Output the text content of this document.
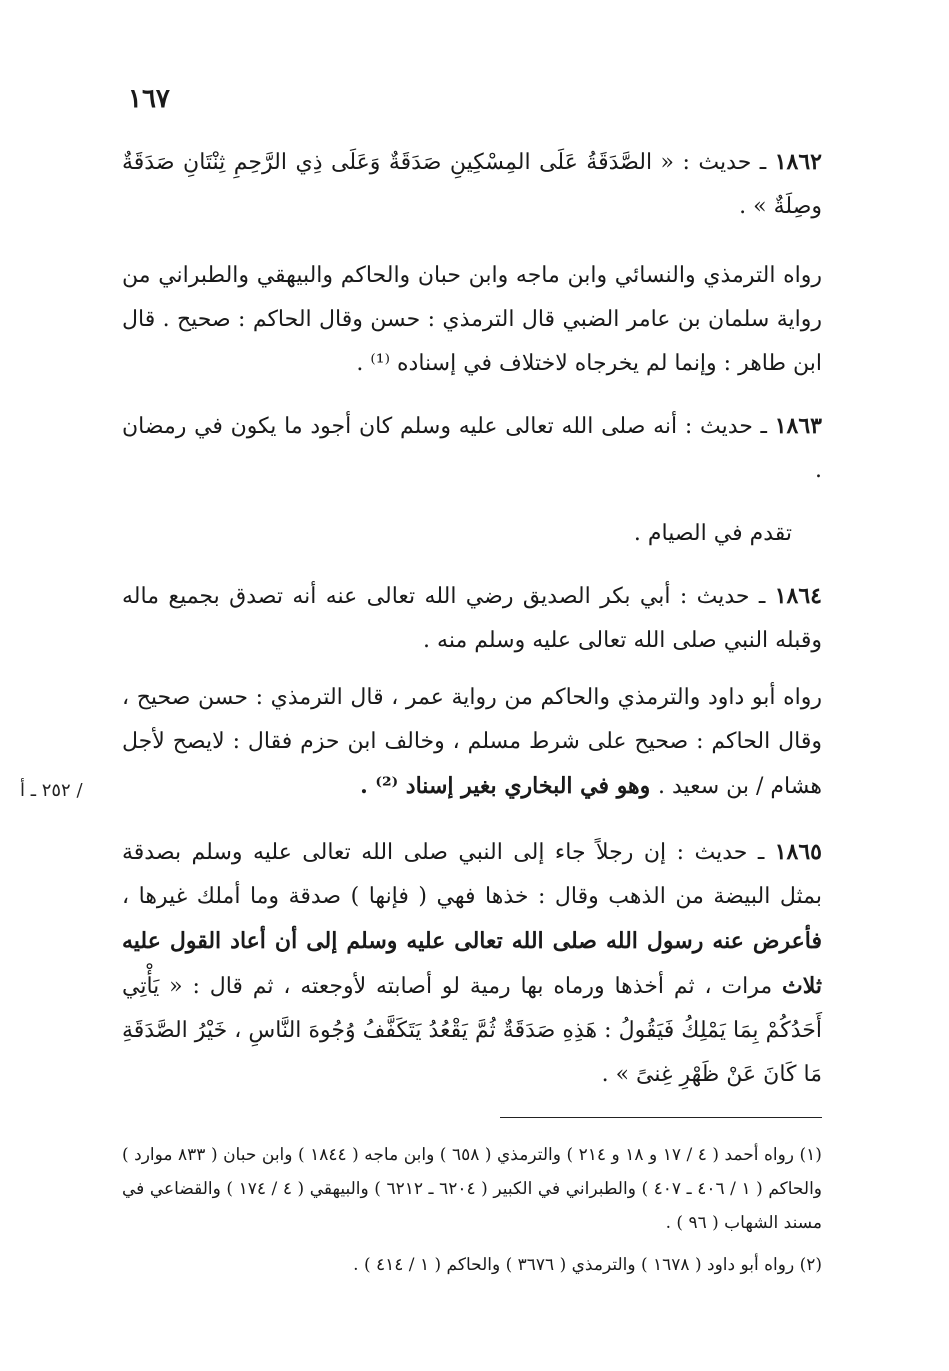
١٦٧

١٨٦٢ ـ حديث : « الصَّدَقَةُ عَلَى المِسْكِينِ صَدَقَةٌ وَعَلَى ذِي الرَّحِمِ ثِنْتَانِ صَدَقَةٌ وصِلَةٌ » .

رواه الترمذي والنسائي وابن ماجه وابن حبان والحاكم والبيهقي والطبراني من رواية سلمان بن عامر الضبي قال الترمذي : حسن وقال الحاكم : صحيح . قال ابن طاهر : وإنما لم يخرجاه لاختلاف في إسناده ⁽¹⁾ .

١٨٦٣ ـ حديث : أنه صلى الله تعالى عليه وسلم كان أجود ما يكون في رمضان .

تقدم في الصيام .

١٨٦٤ ـ حديث : أبي بكر الصديق رضي الله تعالى عنه أنه تصدق بجميع ماله وقبله النبي صلى الله تعالى عليه وسلم منه .

رواه أبو داود والترمذي والحاكم من رواية عمر ، قال الترمذي : حسن صحيح ، وقال الحاكم : صحيح على شرط مسلم ، وخالف ابن حزم فقال : لايصح لأجل هشام / بن سعيد . وهو في البخاري بغير إسناد ⁽²⁾ .

/ ٢٥٢ ـ أ

١٨٦٥ ـ حديث : إن رجلاً جاء إلى النبي صلى الله تعالى عليه وسلم بصدقة بمثل البيضة من الذهب وقال : خذها فهي ( فإنها ) صدقة وما أملك غيرها ، فأعرض عنه رسول الله صلى الله تعالى عليه وسلم إلى أن أعاد القول عليه ثلاث مرات ، ثم أخذها ورماه بها رمية لو أصابته لأوجعته ، ثم قال : « يَأْتِي أَحَدُكُمْ بِمَا يَمْلِكُ فَيَقُولُ : هَذِهِ صَدَقَةٌ ثُمَّ يَقْعُدُ يَتَكَفَّفُ وُجُوهَ النَّاسِ ، خَيْرُ الصَّدَقَةِ مَا كَانَ عَنْ ظَهْرِ غِنىً » .

(١) رواه أحمد ( ٤ / ١٧ و ١٨ و ٢١٤ ) والترمذي ( ٦٥٨ ) وابن ماجه ( ١٨٤٤ ) وابن حبان ( ٨٣٣ موارد ) والحاكم ( ١ / ٤٠٦ ـ ٤٠٧ ) والطبراني في الكبير ( ٦٢٠٤ ـ ٦٢١٢ ) والبيهقي ( ٤ / ١٧٤ ) والقضاعي في مسند الشهاب ( ٩٦ ) .

(٢) رواه أبو داود ( ١٦٧٨ ) والترمذي ( ٣٦٧٦ ) والحاكم ( ١ / ٤١٤ ) .
